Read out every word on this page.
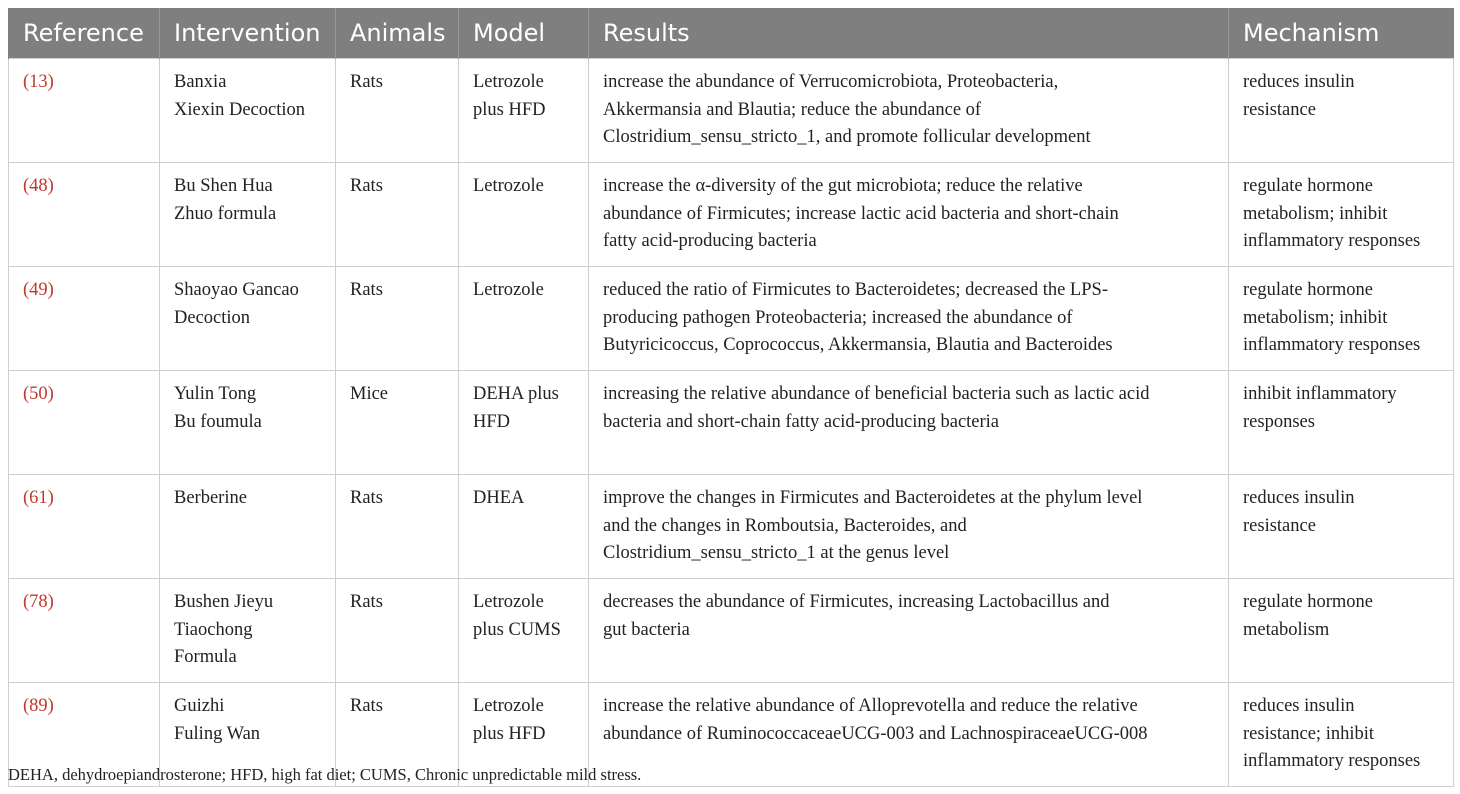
Reference	Intervention	Animals	Model	Results	Mechanism
(13)	Banxia
Xiexin Decoction	Rats	Letrozole
plus HFD	increase the abundance of Verrucomicrobiota, Proteobacteria,
Akkermansia and Blautia; reduce the abundance of
Clostridium_sensu_stricto_1, and promote follicular development	reduces insulin
resistance

(48)	Bu Shen Hua
Zhuo formula	Rats	Letrozole	increase the α-diversity of the gut microbiota; reduce the relative
abundance of Firmicutes; increase lactic acid bacteria and short-chain
fatty acid-producing bacteria	regulate hormone
metabolism; inhibit
inflammatory responses

(49)	Shaoyao Gancao
Decoction	Rats	Letrozole	reduced the ratio of Firmicutes to Bacteroidetes; decreased the LPS-
producing pathogen Proteobacteria; increased the abundance of
Butyricicoccus, Coprococcus, Akkermansia, Blautia and Bacteroides	regulate hormone
metabolism; inhibit
inflammatory responses

(50)	Yulin Tong
Bu foumula	Mice	DEHA plus
HFD	increasing the relative abundance of beneficial bacteria such as lactic acid
bacteria and short-chain fatty acid-producing bacteria	inhibit inflammatory
responses

(61)	Berberine	Rats	DHEA	improve the changes in Firmicutes and Bacteroidetes at the phylum level
and the changes in Romboutsia, Bacteroides, and
Clostridium_sensu_stricto_1 at the genus level	reduces insulin
resistance

(78)	Bushen Jieyu
Tiaochong
Formula	Rats	Letrozole
plus CUMS	decreases the abundance of Firmicutes, increasing Lactobacillus and
gut bacteria	regulate hormone
metabolism

(89)	Guizhi
Fuling Wan	Rats	Letrozole
plus HFD	increase the relative abundance of Alloprevotella and reduce the relative
abundance of RuminococcaceaeUCG-003 and LachnospiraceaeUCG-008	reduces insulin
resistance; inhibit
inflammatory responses
DEHA, dehydroepiandrosterone; HFD, high fat diet; CUMS, Chronic unpredictable mild stress.
